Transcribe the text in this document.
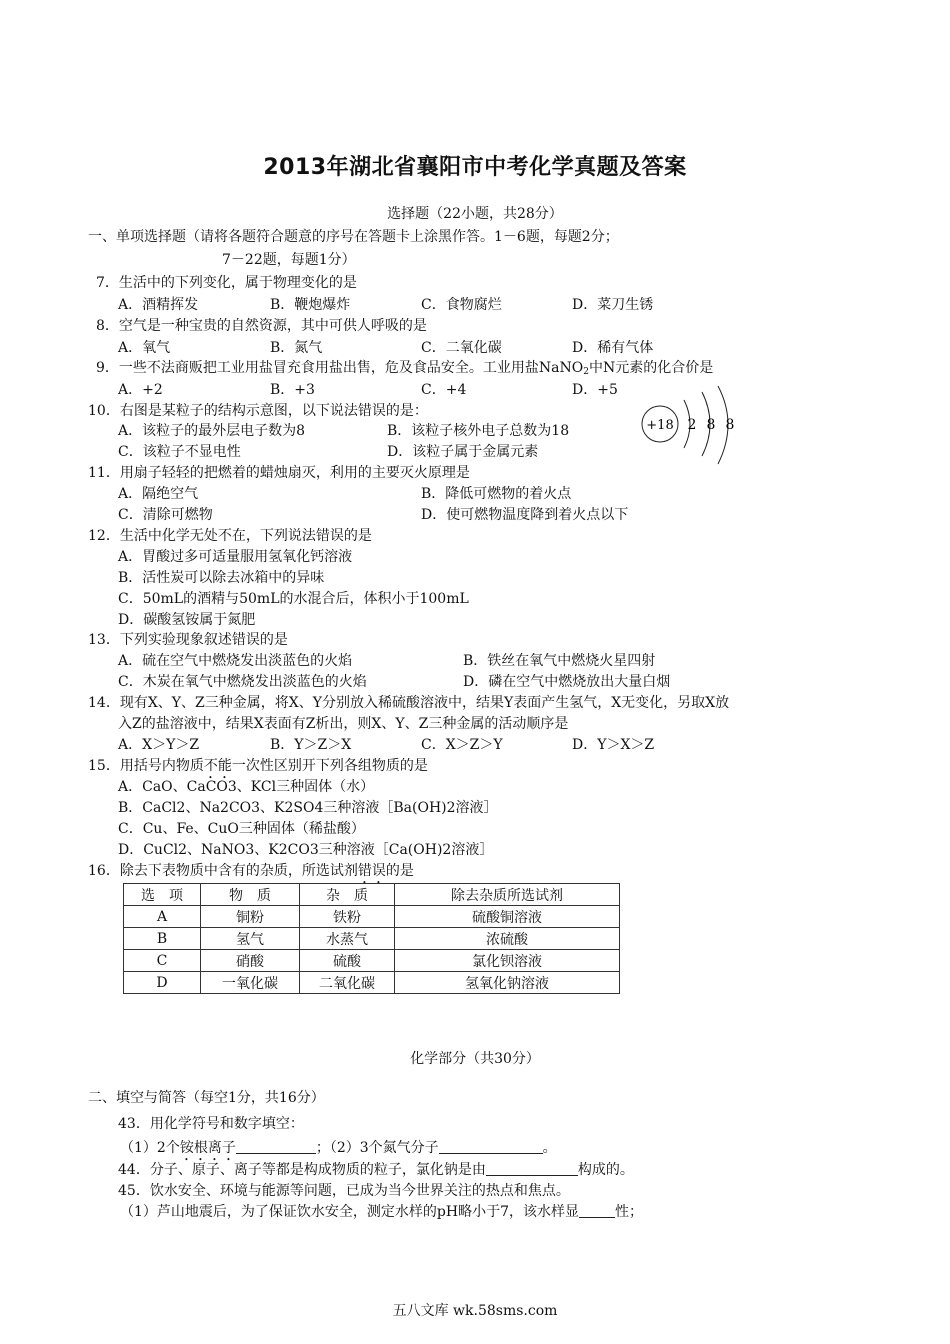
2013年湖北省襄阳市中考化学真题及答案
选择题（22小题，共28分）
一、单项选择题（请将各题符合题意的序号在答题卡上涂黑作答。1－6题，每题2分；
7－22题，每题1分）
7．生活中的下列变化，属于物理变化的是
A．酒精挥发	B．鞭炮爆炸	C．食物腐烂	D．菜刀生锈
8．空气是一种宝贵的自然资源，其中可供人呼吸的是
A．氧气	B．氮气	C．二氧化碳	D．稀有气体
9．一些不法商贩把工业用盐冒充食用盐出售，危及食品安全。工业用盐NaNO$_2$中N元素的化合价是
A．+2	B．+3	C．+4	D．+5
10．右图是某粒子的结构示意图，以下说法错误的是：
A．该粒子的最外层电子数为8	B．该粒子核外电子总数为18
C．该粒子不显电性	D．该粒子属于金属元素
+18 2 8 8
11．用扇子轻轻的把燃着的蜡烛扇灭，利用的主要灭火原理是
A．隔绝空气	B．降低可燃物的着火点
C．清除可燃物	D．使可燃物温度降到着火点以下
12．生活中化学无处不在，下列说法错误的是
A．胃酸过多可适量服用氢氧化钙溶液
B．活性炭可以除去冰箱中的异味
C．50mL的酒精与50mL的水混合后，体积小于100mL
D．碳酸氢铵属于氮肥
13．下列实验现象叙述错误的是
A．硫在空气中燃烧发出淡蓝色的火焰	B．铁丝在氧气中燃烧火星四射
C．木炭在氧气中燃烧发出淡蓝色的火焰	D．磷在空气中燃烧放出大量白烟
14．现有X、Y、Z三种金属，将X、Y分别放入稀硫酸溶液中，结果Y表面产生氢气，X无变化，另取X放
入Z的盐溶液中，结果X表面有Z析出，则X、Y、Z三种金属的活动顺序是
A．X＞Y＞Z	B．Y＞Z＞X	C．X＞Z＞Y	D．Y＞X＞Z
15．用括号内物质不能一次性区别开下列各组物质的是
A．CaO、CaCO3、KCl三种固体（水）
B．CaCl2、Na2CO3、K2SO4三种溶液［Ba(OH)2溶液］
C．Cu、Fe、CuO三种固体（稀盐酸）
D．CuCl2、NaNO3、K2CO3三种溶液［Ca(OH)2溶液］
16．除去下表物质中含有的杂质，所选试剂错误的是
选　项	物　质	杂　质	除去杂质所选试剂
A	铜粉	铁粉	硫酸铜溶液
B	氢气	水蒸气	浓硫酸
C	硝酸	硫酸	氯化钡溶液
D	一氧化碳	二氧化碳	氢氧化钠溶液
化学部分（共30分）
二、填空与简答（每空1分，共16分）
43．用化学符号和数字填空：
（1）2个铵根离子	；（2）3个氮气分子	。
44．分子、原子、离子等都是构成物质的粒子，氯化钠是由	构成的。
45．饮水安全、环境与能源等问题，已成为当今世界关注的热点和焦点。
（1）芦山地震后，为了保证饮水安全，测定水样的pH略小于7，该水样显	性；
五八文库 wk.58sms.com
